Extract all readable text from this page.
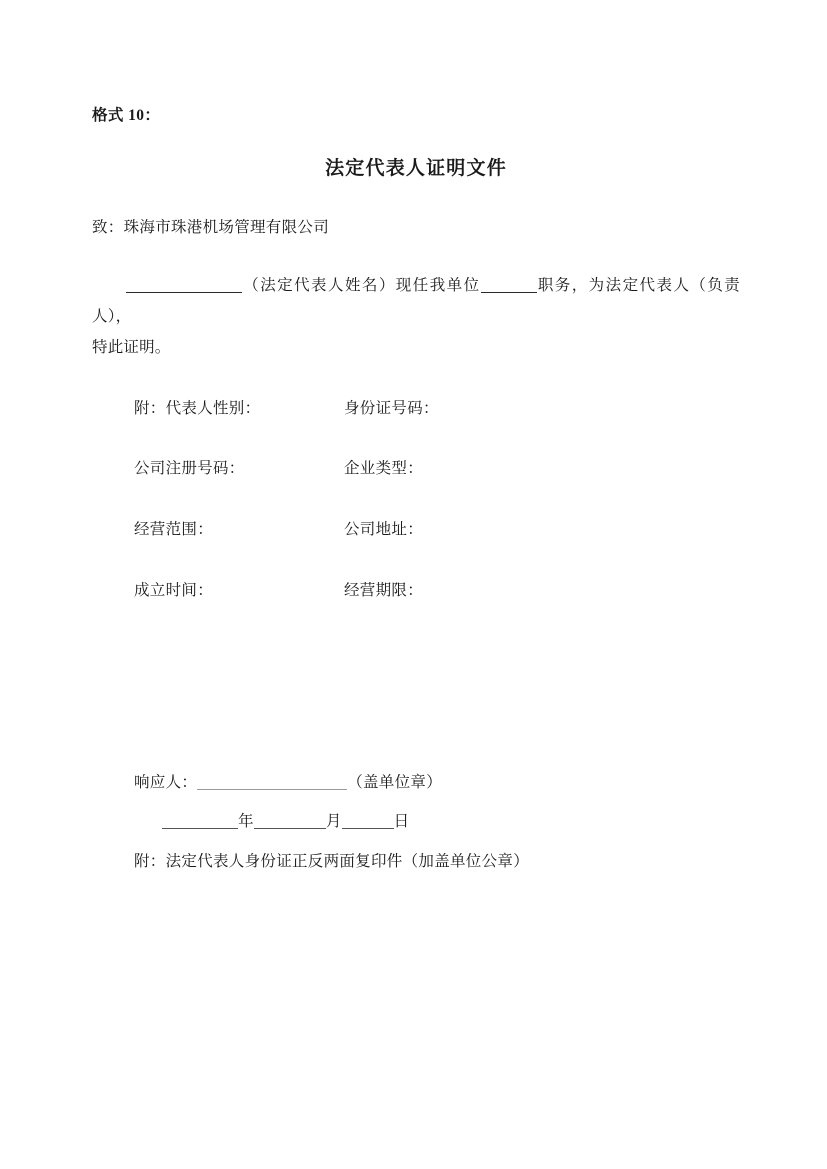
格式 10：
法定代表人证明文件
致：珠海市珠港机场管理有限公司
（法定代表人姓名）现任我单位	职务，为法定代表人（负责人），
特此证明。
附：代表人性别：	身份证号码：
公司注册号码：	企业类型：
经营范围：	公司地址：
成立时间：	经营期限：
响应人：	（盖单位章）
年	月	日
附：法定代表人身份证正反两面复印件（加盖单位公章）
